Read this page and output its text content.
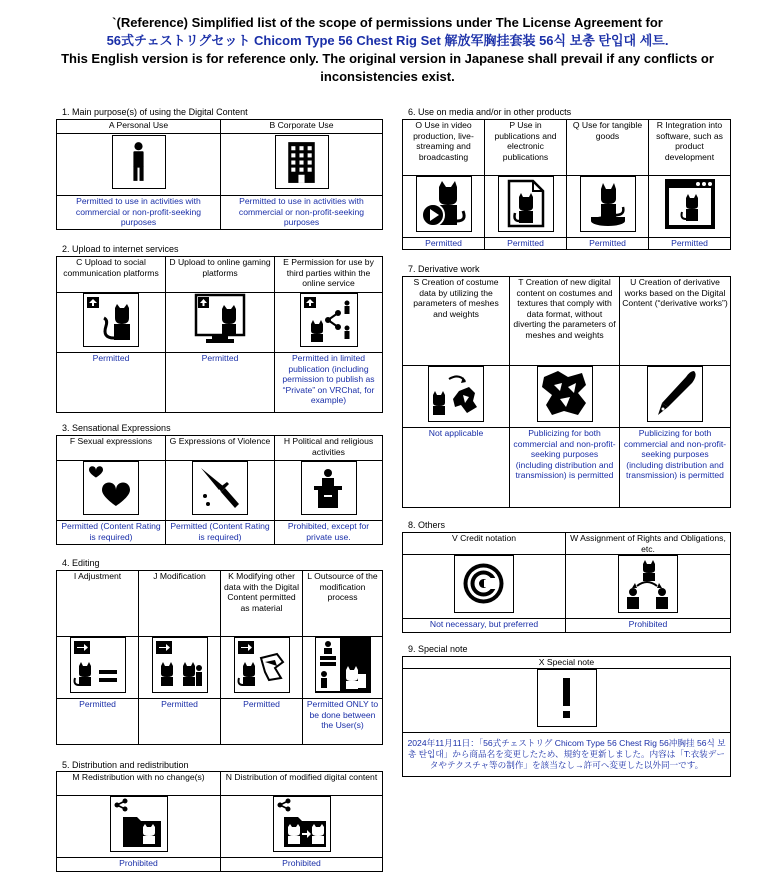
`(Reference) Simplified list of the scope of permissions under The License Agreement for
56式チェストリグセット Chicom Type 56 Chest Rig Set 解放军胸挂套装 56식 보총 탄입대 세트.
This English version is for reference only. The original version in Japanese shall prevail if any conflicts or
inconsistencies exist.
1. Main purpose(s) of using the Digital Content
A Personal Use	B Corporate Use

Permitted to use in activities with commercial or non-profit-seeking purposes	Permitted to use in activities with commercial or non-profit-seeking purposes
2. Upload to internet services
C Upload to social communication platforms	D Upload to online gaming platforms	E Permission for use by third parties within the online service

Permitted	Permitted	Permitted in limited publication (including permission to publish as “Private” on VRChat, for example)
3. Sensational Expressions
F Sexual expressions	G Expressions of Violence	H Political and religious activities

Permitted (Content Rating is required)	Permitted (Content Rating is required)	Prohibited, except for private use.
4. Editing
I Adjustment	J Modification	K Modifying other data with the Digital Content permitted as material	L Outsource of the modification process

Permitted	Permitted	Permitted	Permitted ONLY to be done between the User(s)
5. Distribution and redistribution
M Redistribution with no change(s)	N Distribution of modified digital content

Prohibited	Prohibited
6. Use on media and/or in other products
O Use in video production, live-streaming and broadcasting	P Use in publications and electronic publications	Q Use for tangible goods	R Integration into software, such as product development

Permitted	Permitted	Permitted	Permitted
7. Derivative work
S Creation of costume data by utilizing the parameters of meshes and weights	T Creation of new digital content on costumes and textures that comply with data format, without diverting the parameters of meshes and weights	U Creation of derivative works based on the Digital Content (“derivative works”)

Not applicable	Publicizing for both commercial and non-profit-seeking purposes (including distribution and transmission) is permitted	Publicizing for both commercial and non-profit-seeking purposes (including distribution and transmission) is permitted
8. Others
V Credit notation	W Assignment of Rights and Obligations, etc.

Not necessary, but preferred	Prohibited
9. Special note
X Special note

2024年11月11日：「56式チェストリグ Chicom Type 56 Chest Rig 56冲胸挂 56식 보총 탄입대」から商品名を変更したため、規約を更新しました。内容は「T:衣装データやテクスチャ等の制作」を該当なし→許可へ変更した以外同一です。
